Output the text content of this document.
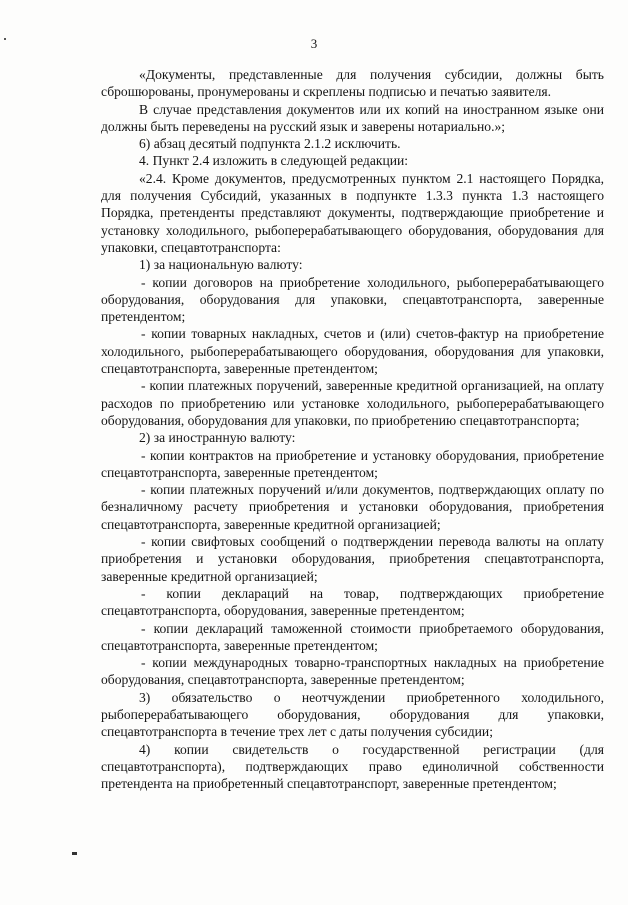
3

«Документы, представленные для получения субсидии, должны быть сброшюрованы, пронумерованы и скреплены подписью и печатью заявителя.

В случае представления документов или их копий на иностранном языке они должны быть переведены на русский язык и заверены нотариально.»;

6) абзац десятый подпункта 2.1.2 исключить.

4. Пункт 2.4 изложить в следующей редакции:

«2.4. Кроме документов, предусмотренных пунктом 2.1 настоящего Порядка, для получения Субсидий, указанных в подпункте 1.3.3 пункта 1.3 настоящего Порядка, претенденты представляют документы, подтверждающие приобретение и установку холодильного, рыбоперерабатывающего оборудования, оборудования для упаковки, спецавтотранспорта:

1) за национальную валюту:

- копии договоров на приобретение холодильного, рыбоперерабатывающего оборудования, оборудования для упаковки, спецавтотранспорта, заверенные претендентом;

- копии товарных накладных, счетов и (или) счетов-фактур на приобретение холодильного, рыбоперерабатывающего оборудования, оборудования для упаковки, спецавтотранспорта, заверенные претендентом;

- копии платежных поручений, заверенные кредитной организацией, на оплату расходов по приобретению или установке холодильного, рыбоперерабатывающего оборудования, оборудования для упаковки, по приобретению спецавтотранспорта;

2) за иностранную валюту:

- копии контрактов на приобретение и установку оборудования, приобретение спецавтотранспорта, заверенные претендентом;

- копии платежных поручений и/или документов, подтверждающих оплату по безналичному расчету приобретения и установки оборудования, приобретения спецавтотранспорта, заверенные кредитной организацией;

- копии свифтовых сообщений о подтверждении перевода валюты на оплату приобретения и установки оборудования, приобретения спецавтотранспорта, заверенные кредитной организацией;

- копии деклараций на товар, подтверждающих приобретение спецавтотранспорта, оборудования, заверенные претендентом;

- копии деклараций таможенной стоимости приобретаемого оборудования, спецавтотранспорта, заверенные претендентом;

- копии международных товарно-транспортных накладных на приобретение оборудования, спецавтотранспорта, заверенные претендентом;

3) обязательство о неотчуждении приобретенного холодильного, рыбоперерабатывающего оборудования, оборудования для упаковки, спецавтотранспорта в течение трех лет с даты получения субсидии;

4) копии свидетельств о государственной регистрации (для спецавтотранспорта), подтверждающих право единоличной собственности претендента на приобретенный спецавтотранспорт, заверенные претендентом;
